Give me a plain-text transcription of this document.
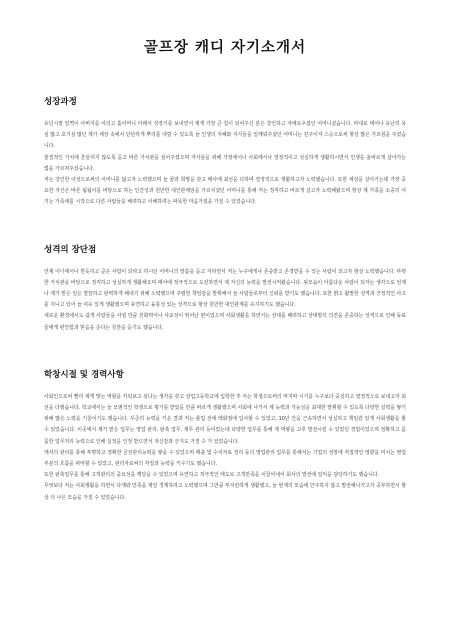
골프장 캐디 자기소개서
성장과정

유년시절 일찍이 아버지를 여의고 홀어머니 아래서 성장기를 보내면서 제게 가장 큰 힘이 되어주신 분은 강인하고 자애로우셨던 어머니셨습니다. 막내로 태어나 유난히 욕심 많고 호기심 많던 제가 세상 속에서 단단하게 뿌리를 내릴 수 있도록 늘 인생의 지혜와 지식들을 일깨워주셨던 어머니는 친구이자 스승으로써 항상 많은 가르침을 주셨습니다.

물질적인 가치에 흔들리지 않도록 곧고 바른 가치관을 심어주셨으며 자식들을 위해 가정에서나 사회에서나 열정적이고 성실하게 생활하시면서 인생을 올바르게 살아가는 법을 가르쳐주셨습니다.

저는 강인한 여성으로써의 어머니를 닮고자 노력했으며 늘 꿈과 희망을 갖고 매사에 최선을 다하며 열정적으로 생활하고자 노력했습니다. 또한 세상을 살아가는데 가장 중요한 자산은 바른 됨됨이를 바탕으로 하는 인간성과 원만한 대인관계임을 가르치셨던 어머니를 통해 저는 정직하고 바르게 살고자 노력해왔으며 항상 제 가족을 소중히 여기는 가족애를 시작으로 다른 사람들을 배려하고 이해하려는 따뜻한 마음가짐을 가질 수 있었습니다.

성격의 장단점

언제 어디에서나 반듯하고 곧은 사람이 되라고 하시던 어머니의 말씀을 듣고 자라면서 저는 누구에게나 존중받고 존경받을 수 있는 사람이 되고자 항상 노력했습니다. 뚜렷한 가치관을 바탕으로 정직하고 성실하게 생활해오며 매사에 적극적으로 도전하면서 제 자신의 능력을 발전시켜왔습니다. 뒷모습이 아름다운 사람이 되자는 생각으로 언제나 제가 맡은 일은 깔끔하고 완벽하게 해내기 위해 노력했으며 주렬한 책임감을 발휘해서 늘 사람들로부터 신뢰를 받기도 했습니다. 또한 밝고 활발한 성격과 긍정적인 사고를 지니고 있어 늘 여유 있게 생활했으며 유연하고 융통성 있는 성격으로 항상 원만한 대인관계를 유지하기도 했습니다.

새로운 환경에서도 쉽게 사람들을 사귈 만큼 친화력이나 사교성이 뛰어난 편이었으며 사회생활을 하면서는 상대를 배려하고 상대방의 의견을 존중하는 성격으로 인해 동료들에게 편안함과 믿음을 준다는 칭찬을 듣기도 했습니다.

학창시절 및 경력사항

사회인으로써 빨리 제게 맞는 역할을 키워보고 싶다는 생각을 갖고 상업고등학교에 입학한 후 저는 학생으로써의 마지막 시기를 누구보다 중실하고 열정적으로 보내고자 최선을 다했습니다. 학교에서는 늘 모범적인 학생으로 평가를 받았을 만큼 바르게 생활했으며 사회에 나가서 제 능력과 가능성을 최대한 발휘할 수 있도록 다양한 실력을 쌓기 위해 많은 노력을 기울이기도 했습니다. 꾸준히 능력을 키운 결과 저는 졸업 전에 백화점에 입사할 수 있었고, 10년 간을 근속하면서 성실하고 책임감 있게 사회생활을 할 수 있었습니다. 이곳에서 제가 맡은 업무는 영업 관리, 판촉 업무, 재무 관리 등이었는데 다양한 업무를 통해 제 역량을 고루 발전시킬 수 있었던 경험이었으며 정확하고 꼼꼼한 업무처리 능력으로 인해 실적을 인정 받으면서 자신감과 긍지도 가질 수 가 있었습니다.

캐셔의 관리를 통해 투명하고 정확한 금전관리능력을 쌓을 수 있었으며 매출 및 수치자료 정리 등의 영업관리 업무를 통해서는 기업의 성장에 직접적인 영향을 미치는 영업 부분의 흐름을 파악할 수 있었고, 관리자로써의 자질과 능력을 키우기도 했습니다.

또한 판촉업무를 통해 고객관리의 중요성을 깨달을 수 있었으며 유연하고 적극적인 태도로 고객만족을 이끌어내어 회사의 발전에 일익을 담당하기도 했습니다.

무엇보다 저는 사회생활을 하면서 다재와 만족을 제일 경계하려고 노력했으며 그만큼 부지런하게 생활했고, 늘 현재의 모습에 안주하지 않고 발전해나가고자 공부하면서 항상 더 나은 모습을 가질 수 있었습니다.
